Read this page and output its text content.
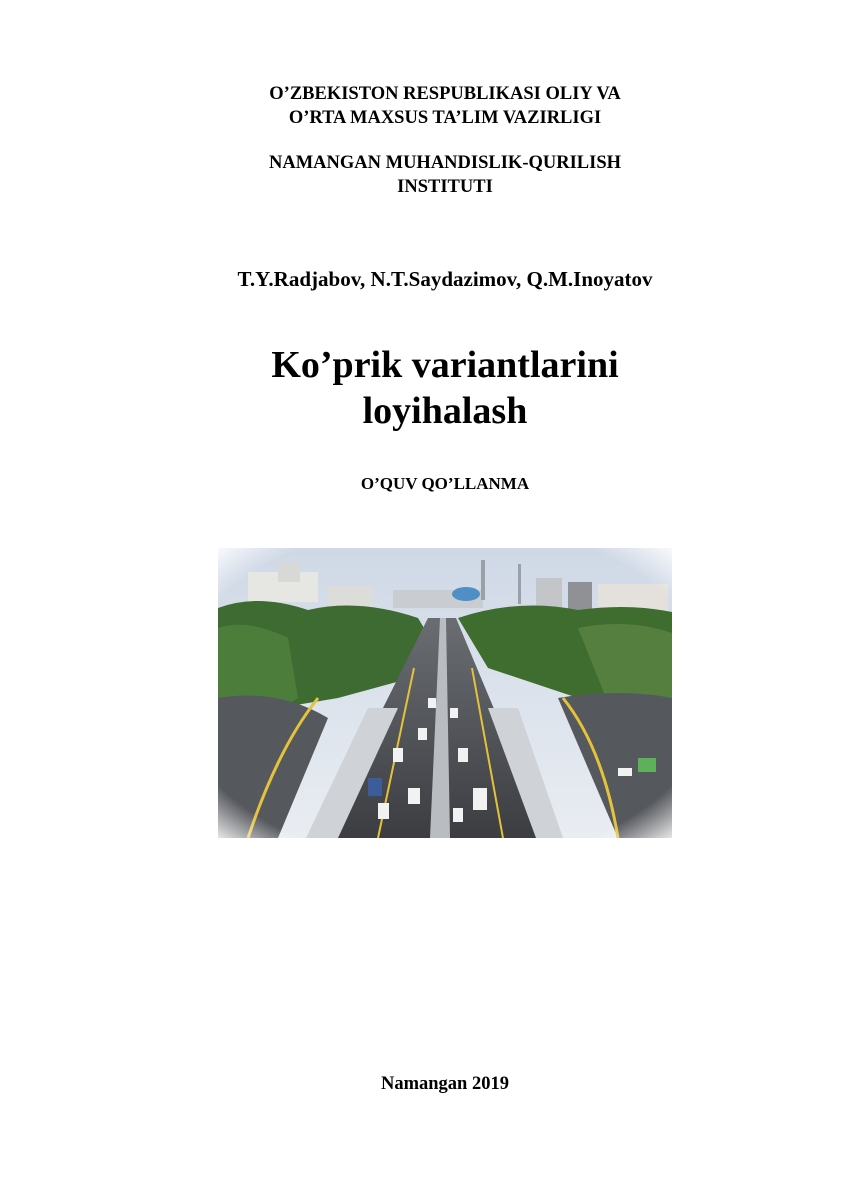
O’ZBEKISTON RESPUBLIKASI OLIY VA
O’RTA MAXSUS TA’LIM VAZIRLIGI
NAMANGAN MUHANDISLIK-QURILISH
INSTITUTI
T.Y.Radjabov, N.T.Saydazimov, Q.M.Inoyatov
Ko’prik variantlarini
loyihalash
O’QUV QO’LLANMA
Namangan 2019
